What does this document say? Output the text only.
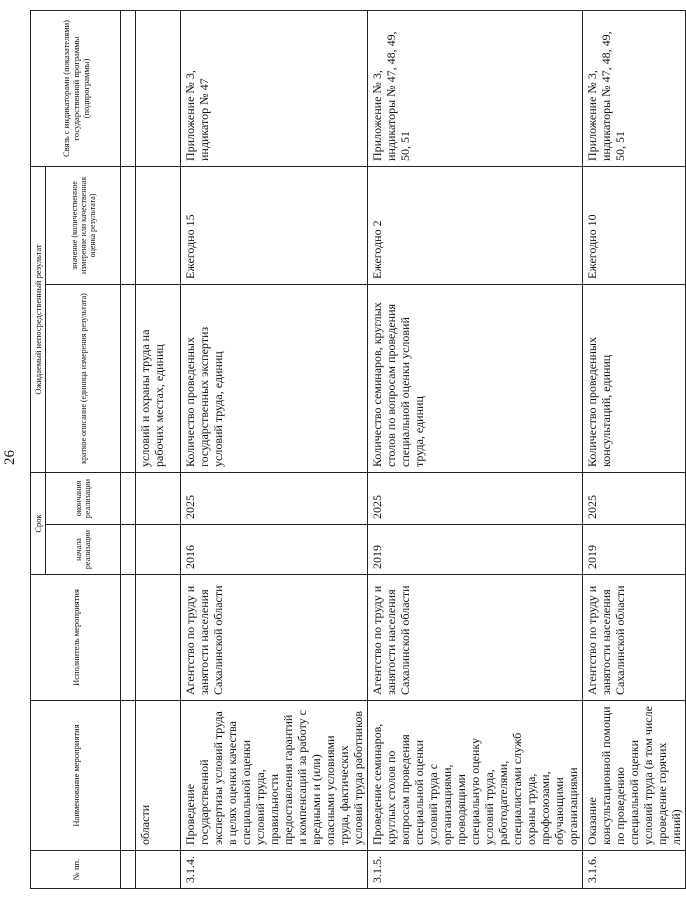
26
№ пп.	Наименование мероприятия	Исполнитель мероприятия	Срок		Ожидаемый непосредственный результат		Связь с индикаторами (показателями) государственной программы (подпрограммы)
			начала реализации	окончания реализации	краткое описание (единица измерения результата)	значение (количественное измерение или качественная оценка результата)	

	области				условий и охраны труда на рабочих местах, единиц		
3.1.4.	Проведение государственной экспертизы условий труда в целях оценки качества специальной оценки условий труда, правильности предоставления гарантий и компенсаций за работу с вредными и (или) опасными условиями труда, фактических условий труда работников	Агентство по труду и занятости населения Сахалинской области	2016	2025	Количество проведенных государственных экспертиз условий труда, единиц	Ежегодно 15	Приложение № 3, индикатор № 47
3.1.5.	Проведение семинаров, круглых столов по вопросам проведения специальной оценки условий труда с организациями, проводящими специальную оценку условий труда, работодателями, специалистами служб охраны труда, профсоюзами, обучающими организациями	Агентство по труду и занятости населения Сахалинской области	2019	2025	Количество семинаров, круглых столов по вопросам проведения специальной оценки условий труда, единиц	Ежегодно 2	Приложение № 3, индикаторы № 47, 48, 49, 50, 51
3.1.6.	Оказание консультационной помощи по проведению специальной оценки условий труда (в том числе проведение горячих линий)	Агентство по труду и занятости населения Сахалинской области	2019	2025	Количество проведенных консультаций, единиц	Ежегодно 10	Приложение № 3, индикаторы № 47, 48, 49, 50, 51
